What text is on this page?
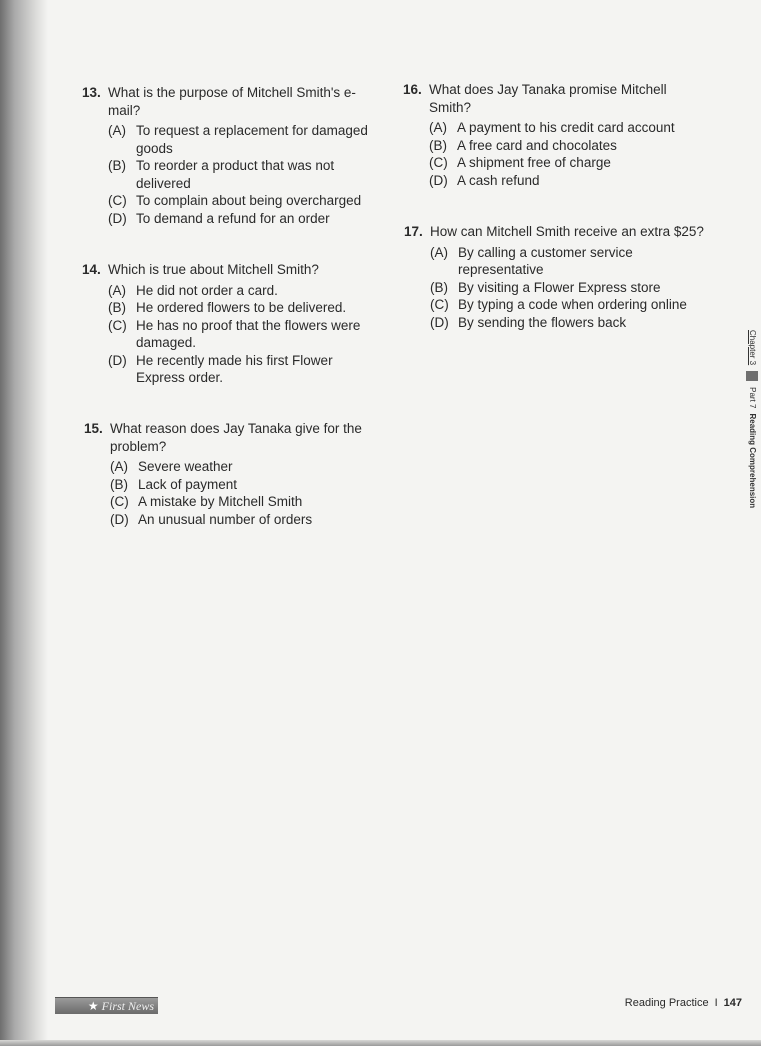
13. What is the purpose of Mitchell Smith's e-mail?
(A) To request a replacement for damaged goods
(B) To reorder a product that was not delivered
(C) To complain about being overcharged
(D) To demand a refund for an order
14. Which is true about Mitchell Smith?
(A) He did not order a card.
(B) He ordered flowers to be delivered.
(C) He has no proof that the flowers were damaged.
(D) He recently made his first Flower Express order.
15. What reason does Jay Tanaka give for the problem?
(A) Severe weather
(B) Lack of payment
(C) A mistake by Mitchell Smith
(D) An unusual number of orders
16. What does Jay Tanaka promise Mitchell Smith?
(A) A payment to his credit card account
(B) A free card and chocolates
(C) A shipment free of charge
(D) A cash refund
17. How can Mitchell Smith receive an extra $25?
(A) By calling a customer service representative
(B) By visiting a Flower Express store
(C) By typing a code when ordering online
(D) By sending the flowers back
Chapter 3Part 7Reading Comprehension
★ First News	Reading Practice I 147
